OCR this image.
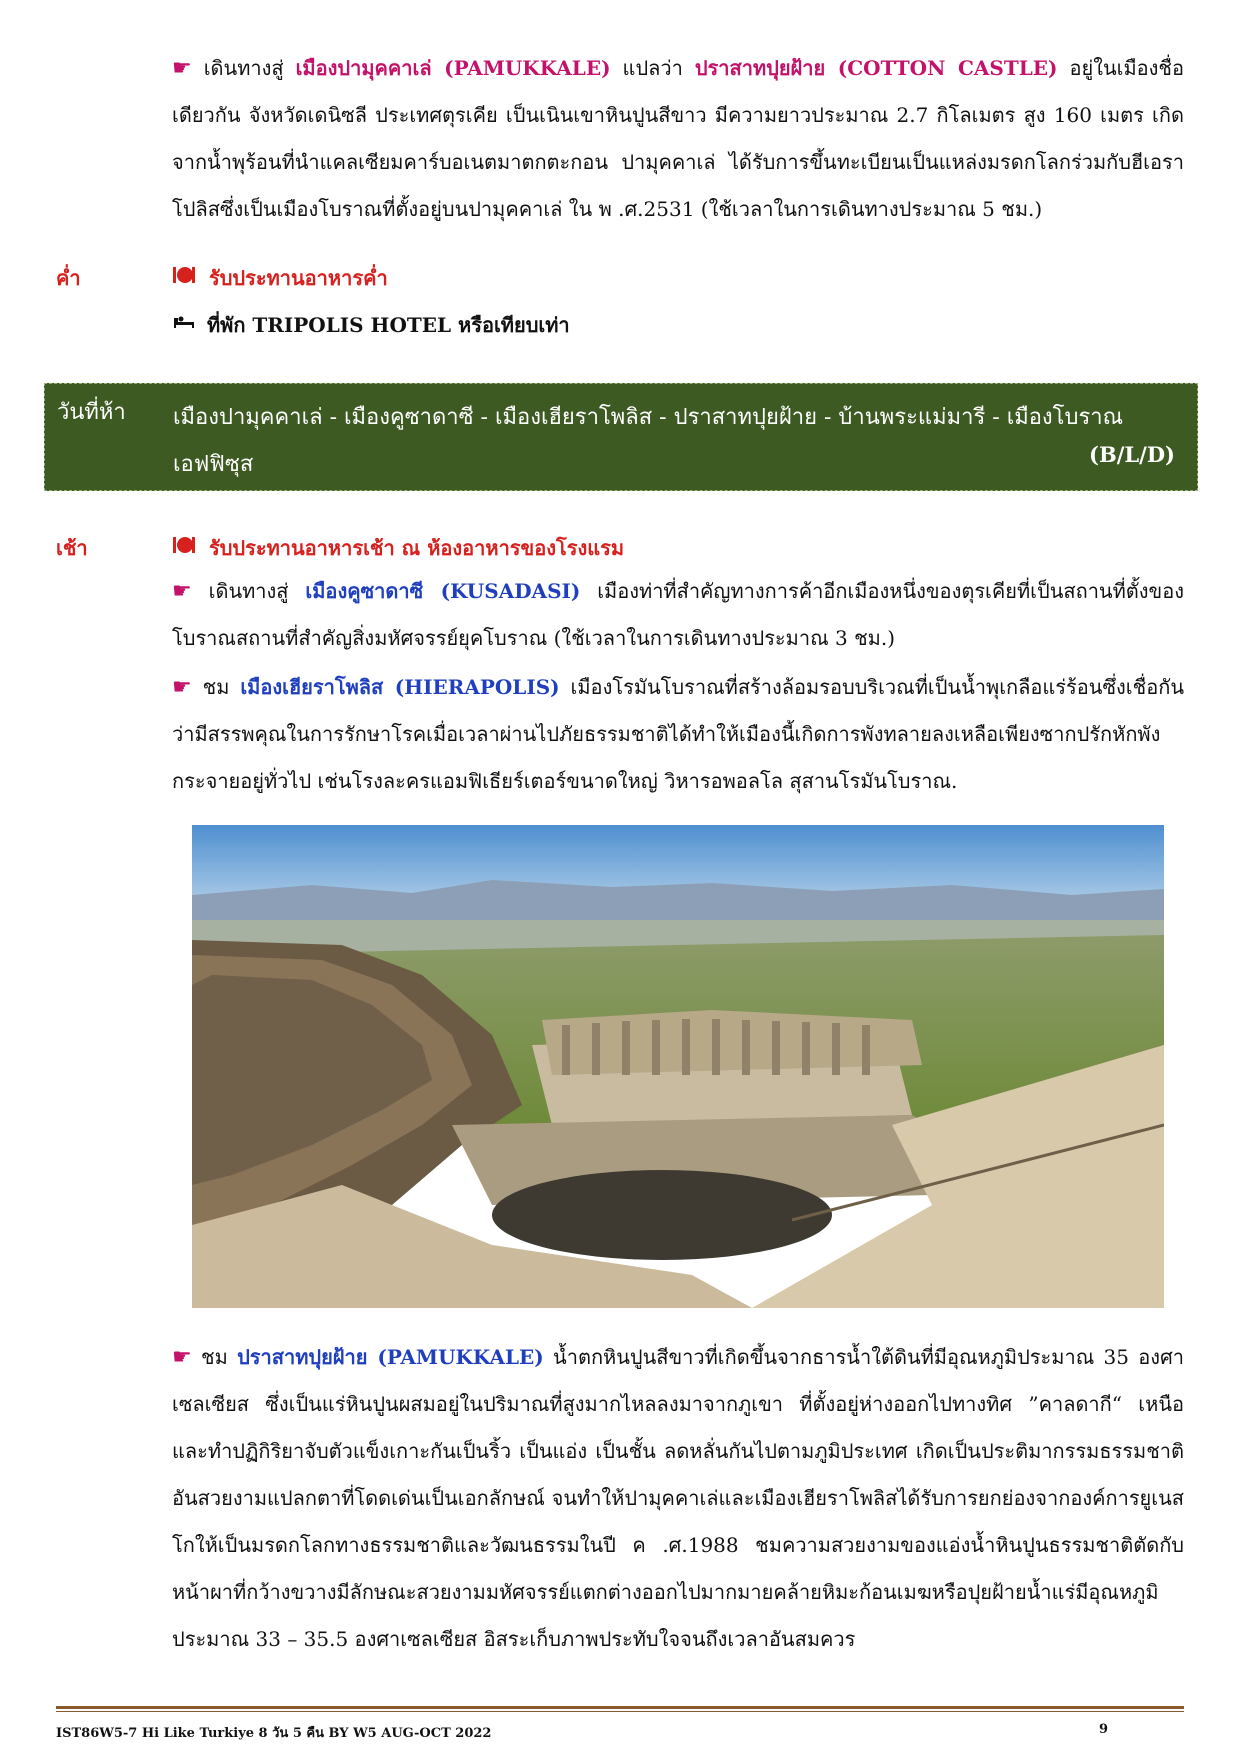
☛ เดินทางสู่ เมืองปามุคคาเล่ (PAMUKKALE) แปลว่า ปราสาทปุยฝ้าย (COTTON CASTLE) อยู่ในเมืองชื่อเดียวกัน จังหวัดเดนิซลี ประเทศตุรเคีย เป็นเนินเขาหินปูนสีขาว มีความยาวประมาณ 2.7 กิโลเมตร สูง 160 เมตร เกิดจากน้ำพุร้อนที่นำแคลเซียมคาร์บอเนตมาตกตะกอน ปามุคคาเล่ ได้รับการขึ้นทะเบียนเป็นแหล่งมรดกโลกร่วมกับฮีเอราโปลิสซึ่งเป็นเมืองโบราณที่ตั้งอยู่บนปามุคคาเล่ ใน พ .ศ.2531 (ใช้เวลาในการเดินทางประมาณ 5 ชม.)

ค่ำ	รับประทานอาหารค่ำ
ที่พัก TRIPOLIS HOTEL หรือเทียบเท่า
วันที่ห้า เมืองปามุคคาเล่ - เมืองคูซาดาซี - เมืองเฮียราโพลิส - ปราสาทปุยฝ้าย - บ้านพระแม่มารี - เมืองโบราณเอฟฟิซุส	(B/L/D)
เช้า	รับประทานอาหารเช้า ณ ห้องอาหารของโรงแรม

☛ เดินทางสู่ เมืองคูซาดาซี (KUSADASI) เมืองท่าที่สำคัญทางการค้าอีกเมืองหนึ่งของตุรเคียที่เป็นสถานที่ตั้งของโบราณสถานที่สำคัญสิ่งมหัศจรรย์ยุคโบราณ (ใช้เวลาในการเดินทางประมาณ 3 ชม.)

☛ ชม เมืองเฮียราโพลิส (HIERAPOLIS) เมืองโรมันโบราณที่สร้างล้อมรอบบริเวณที่เป็นน้ำพุเกลือแร่ร้อนซึ่งเชื่อกันว่ามีสรรพคุณในการรักษาโรคเมื่อเวลาผ่านไปภัยธรรมชาติได้ทำให้เมืองนี้เกิดการพังทลายลงเหลือเพียงซากปรักหักพังกระจายอยู่ทั่วไป เช่นโรงละครแอมฟิเธียร์เตอร์ขนาดใหญ่ วิหารอพอลโล สุสานโรมันโบราณ.

☛ ชม ปราสาทปุยฝ้าย (PAMUKKALE) น้ำตกหินปูนสีขาวที่เกิดขึ้นจากธารน้ำใต้ดินที่มีอุณหภูมิประมาณ 35 องศาเซลเซียส ซึ่งเป็นแร่หินปูนผสมอยู่ในปริมาณที่สูงมากไหลลงมาจากภูเขา ที่ตั้งอยู่ห่างออกไปทางทิศ ”คาลดากี“ เหนือ และทำปฏิกิริยาจับตัวแข็งเกาะกันเป็นริ้ว เป็นแอ่ง เป็นชั้น ลดหลั่นกันไปตามภูมิประเทศ เกิดเป็นประติมากรรมธรรมชาติ อันสวยงามแปลกตาที่โดดเด่นเป็นเอกลักษณ์ จนทำให้ปามุคคาเล่และเมืองเฮียราโพลิสได้รับการยกย่องจากองค์การยูเนสโกให้เป็นมรดกโลกทางธรรมชาติและวัฒนธรรมในปี ค .ศ.1988 ชมความสวยงามของแอ่งน้ำหินปูนธรรมชาติตัดกับหน้าผาที่กว้างขวางมีลักษณะสวยงามมหัศจรรย์แตกต่างออกไปมากมายคล้ายหิมะก้อนเมฆหรือปุยฝ้ายน้ำแร่มีอุณหภูมิประมาณ 33 – 35.5 องศาเซลเซียส อิสระเก็บภาพประทับใจจนถึงเวลาอันสมควร

IST86W5-7 Hi Like Turkiye 8 วัน 5 คืน BY W5 AUG-OCT 2022	9
